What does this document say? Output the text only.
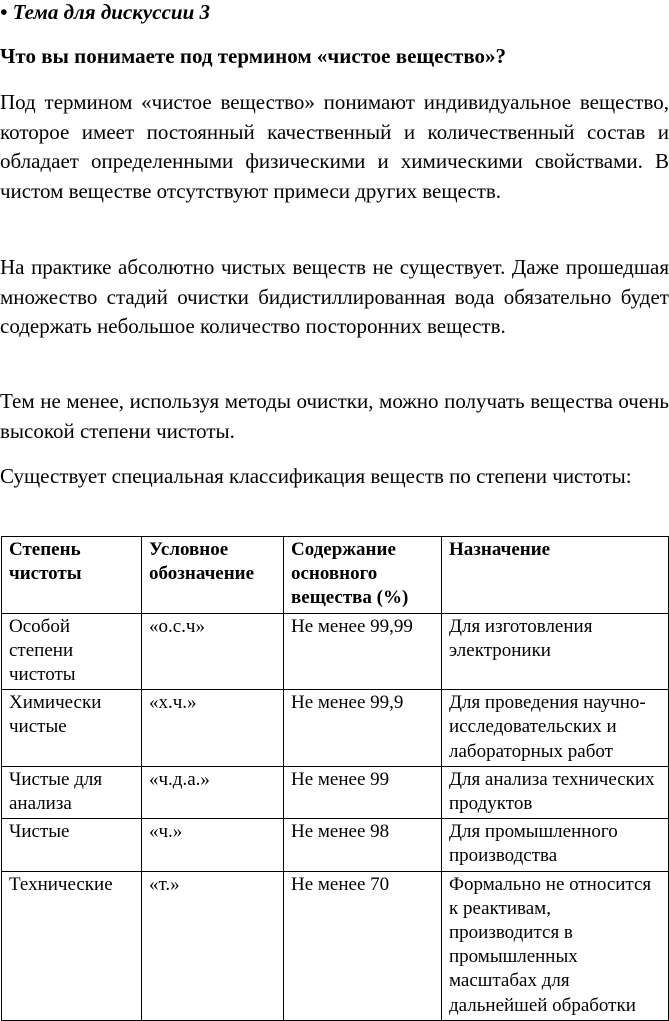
• Тема для дискуссии 3
Что вы понимаете под термином «чистое вещество»?

Под термином «чистое вещество» понимают индивидуальное вещество, которое имеет постоянный качественный и количественный состав и обладает определенными физическими и химическими свойствами. В чистом веществе отсутствуют примеси других веществ.

На практике абсолютно чистых веществ не существует. Даже прошедшая множество стадий очистки бидистиллированная вода обязательно будет содержать небольшое количество посторонних веществ.

Тем не менее, используя методы очистки, можно получать вещества очень высокой степени чистоты.

Существует специальная классификация веществ по степени чистоты:

Степень чистоты	Условное обозначение	Содержание основного вещества (%)	Назначение
Особой степени чистоты	«о.с.ч»	Не менее 99,99	Для изготовления электроники
Химически чистые	«х.ч.»	Не менее 99,9	Для проведения научно-исследовательских и лабораторных работ
Чистые для анализа	«ч.д.а.»	Не менее 99	Для анализа технических продуктов
Чистые	«ч.»	Не менее 98	Для промышленного производства
Технические	«т.»	Не менее 70	Формально не относится к реактивам, производится в промышленных масштабах для дальнейшей обработки
